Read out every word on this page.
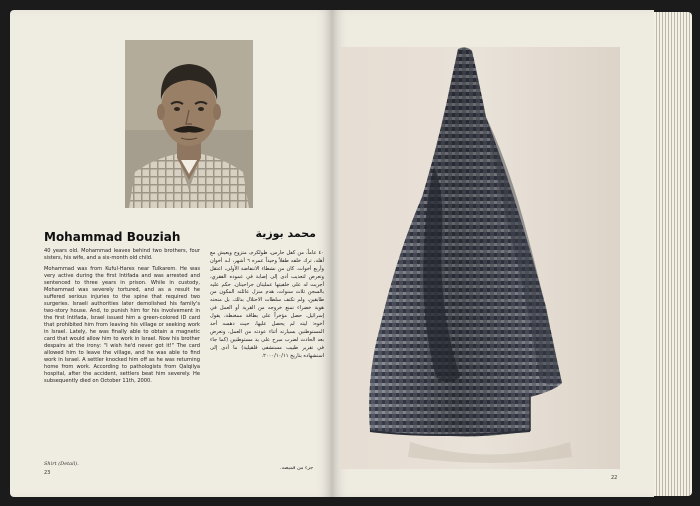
Mohammad Bouziah	محمد بوزية

40 years old. Mohammad leaves behind two brothers, four sisters, his wife, and a six-month old child.

Mohammad was from Kuful-Hares near Tulkarem. He was very active during the first Intifada and was arrested and sentenced to three years in prison. While in custody, Mohammad was severely tortured, and as a result he suffered serious injuries to the spine that required two surgeries. Israeli authorities later demolished his family's two-story house. And, to punish him for his involvement in the first Intifada, Israel issued him a green-colored ID card that prohibited him from leaving his village or seeking work in Israel. Lately, he was finally able to obtain a magnetic card that would allow him to work in Israel. Now his brother despairs at the irony: "I wish he'd never got it!" The card allowed him to leave the village, and he was able to find work in Israel. A settler knocked him off as he was returning home from work. According to pathologists from Qalqilya hospital, after the accident, settlers beat him severely. He subsequently died on October 11th, 2000.

٤٠ عاماً، من كفل حارس، طولكرم، متزوج ويعيش مع أهله، ترك خلفه طفلاً وحيداً عمره ٦ أشهر، لـه أخوان وأربع أخوات. كان من نشطاء الانتفاضة الأولى، اعتقل وتعرض لتعذيب أدى إلى إصابة في عموده الفقري، أجريت له على خلفيتها عمليتان جراحيتان. حكم عليه بالسجن ثلاث سنوات، هدم منزل عائلته المكون من طابقين، ولم تكتف سلطات الاحتلال بذلك، بل منحته هوية خضراء تمنع خروجه من القرية أو العمل في إسرائيل. حصل مؤخراً على بطاقة ممغنطة، يقول أخوه: ليته لم يحصل عليها، حيث دهسه أحد المستوطنين بسيارته أثناء عودته من العمل، وتعرض بعد الحادث لضرب مبرح على يد مستوطنين (كما جاء في تقرير طبيب مستشفى قلقيلية) ما أدى إلى استشهاده بتاريخ ٢٠٠٠/١٠/١١.
Shirt (Detail).
23
جزء من قميصه.
22
